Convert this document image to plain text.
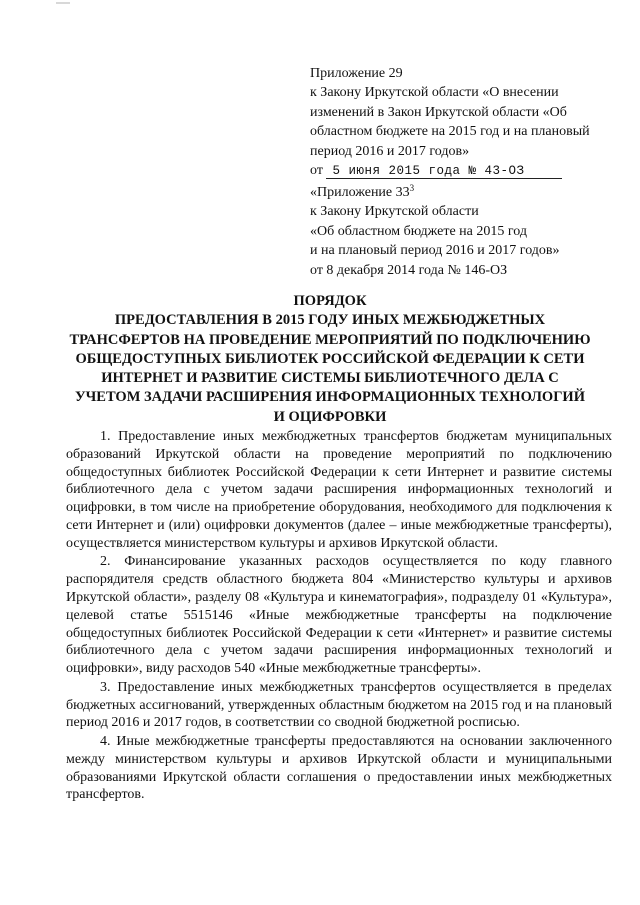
Приложение 29
к Закону Иркутской области «О внесении
изменений в Закон Иркутской области «Об
областном бюджете на 2015 год и на плановый
период 2016 и 2017 годов»
от 5 июня 2015 года № 43-ОЗ
«Приложение $33^3$
к Закону Иркутской области
«Об областном бюджете на 2015 год
и на плановый период 2016 и 2017 годов»
от 8 декабря 2014 года № 146-ОЗ
ПОРЯДОК
ПРЕДОСТАВЛЕНИЯ В 2015 ГОДУ ИНЫХ МЕЖБЮДЖЕТНЫХ
ТРАНСФЕРТОВ НА ПРОВЕДЕНИЕ МЕРОПРИЯТИЙ ПО ПОДКЛЮЧЕНИЮ
ОБЩЕДОСТУПНЫХ БИБЛИОТЕК РОССИЙСКОЙ ФЕДЕРАЦИИ К СЕТИ
ИНТЕРНЕТ И РАЗВИТИЕ СИСТЕМЫ БИБЛИОТЕЧНОГО ДЕЛА С
УЧЕТОМ ЗАДАЧИ РАСШИРЕНИЯ ИНФОРМАЦИОННЫХ ТЕХНОЛОГИЙ
И ОЦИФРОВКИ

1. Предоставление иных межбюджетных трансфертов бюджетам муниципальных образований Иркутской области на проведение мероприятий по подключению общедоступных библиотек Российской Федерации к сети Интернет и развитие системы библиотечного дела с учетом задачи расширения информационных технологий и оцифровки, в том числе на приобретение оборудования, необходимого для подключения к сети Интернет и (или) оцифровки документов (далее – иные межбюджетные трансферты), осуществляется министерством культуры и архивов Иркутской области.

2. Финансирование указанных расходов осуществляется по коду главного распорядителя средств областного бюджета 804 «Министерство культуры и архивов Иркутской области», разделу 08 «Культура и кинематография», подразделу 01 «Культура», целевой статье 5515146 «Иные межбюджетные трансферты на подключение общедоступных библиотек Российской Федерации к сети «Интернет» и развитие системы библиотечного дела с учетом задачи расширения информационных технологий и оцифровки», виду расходов 540 «Иные межбюджетные трансферты».

3. Предоставление иных межбюджетных трансфертов осуществляется в пределах бюджетных ассигнований, утвержденных областным бюджетом на 2015 год и на плановый период 2016 и 2017 годов, в соответствии со сводной бюджетной росписью.

4. Иные межбюджетные трансферты предоставляются на основании заключенного между министерством культуры и архивов Иркутской области и муниципальными образованиями Иркутской области соглашения о предоставлении иных межбюджетных трансфертов.
